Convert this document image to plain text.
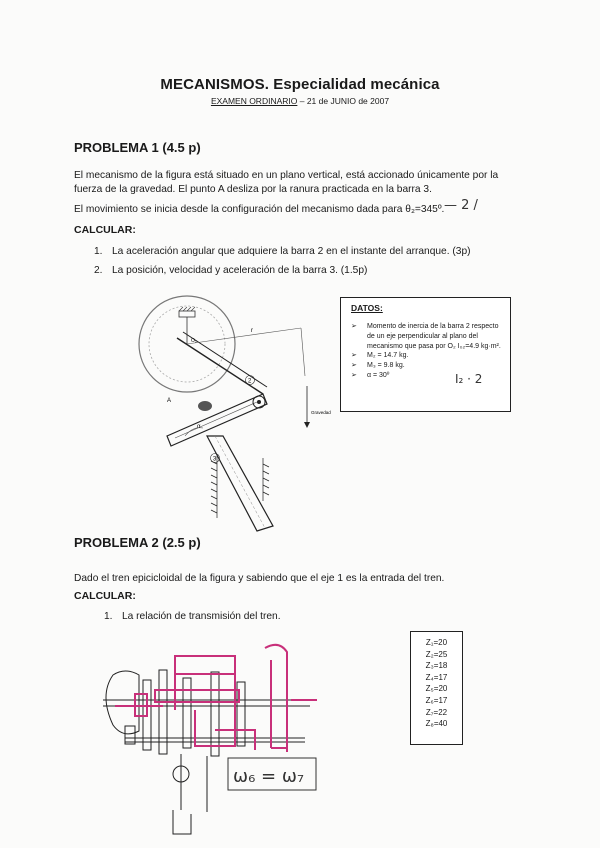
MECANISMOS. Especialidad mecánica
EXAMEN ORDINARIO – 21 de JUNIO de 2007
PROBLEMA 1 (4.5 p)
El mecanismo de la figura está situado en un plano vertical, está accionado únicamente por la fuerza de la gravedad. El punto A desliza por la ranura practicada en la barra 3.
El movimiento se inicia desde la configuración del mecanismo dada para θ₂=345º. — 2 /
CALCULAR:
1. La aceleración angular que adquiere la barra 2 en el instante del arranque. (3p)
2. La posición, velocidad y aceleración de la barra 3. (1.5p)
r
Gravedad
2
3
A
O₂
α
DATOS:
➢ Momento de inercia de la barra 2 respecto de un eje perpendicular al plano del mecanismo que pasa por O₂ I₀₂=4.9 kg·m².
➢ M₂ = 14.7 kg.
➢ M₃ = 9.8 kg.
➢ α = 30º	I₂ · 2
PROBLEMA 2 (2.5 p)
Dado el tren epicicloidal de la figura y sabiendo que el eje 1 es la entrada del tren.
CALCULAR:
1. La relación de transmisión del tren.
ω₆ = ω₇
Z₁=20
Z₂=25
Z₃=18
Z₄=17
Z₅=20
Z₆=17
Z₇=22
Z₈=40
